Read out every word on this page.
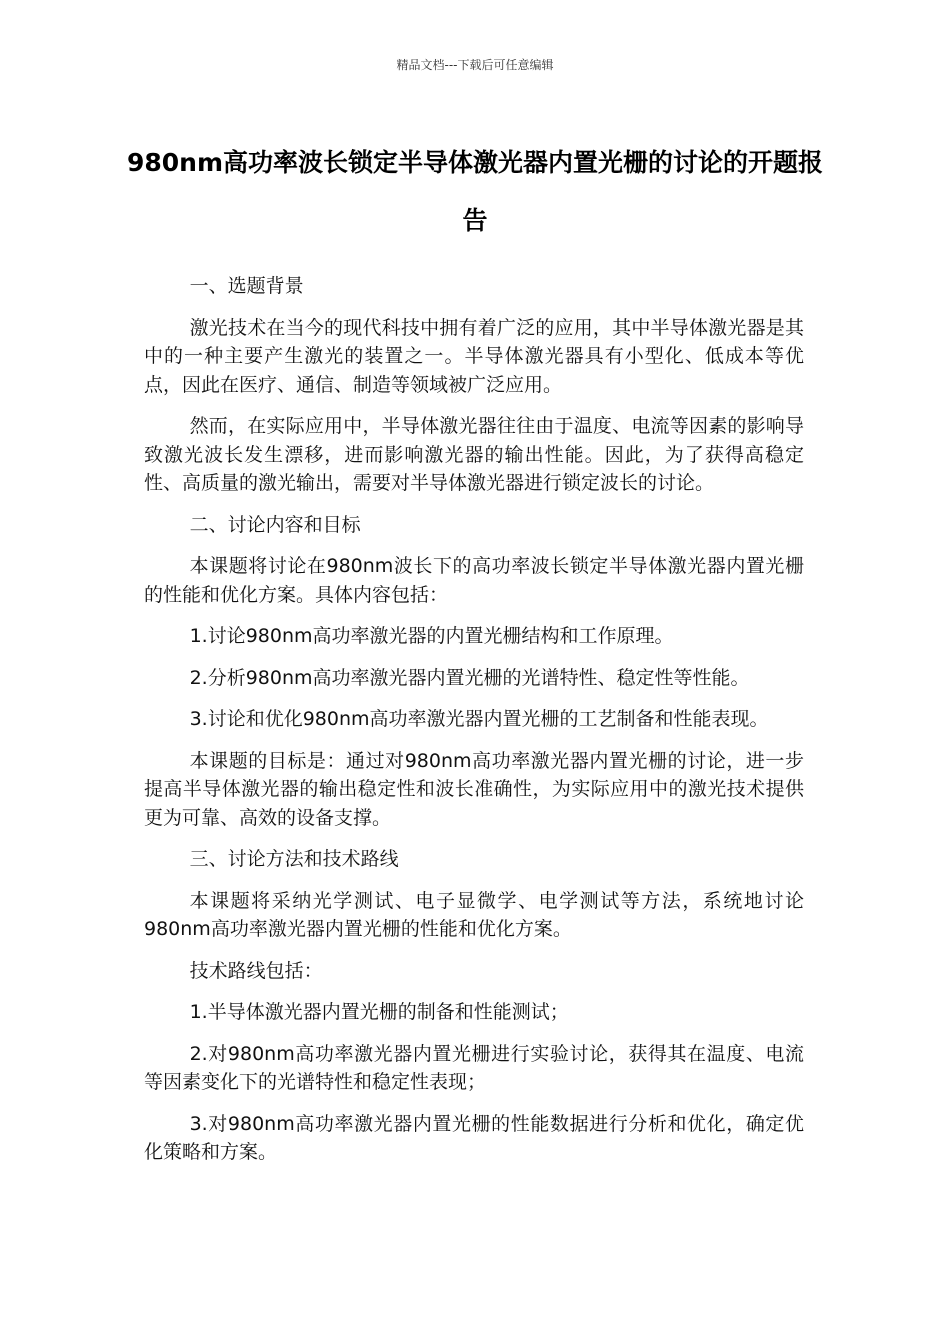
精品文档---下载后可任意编辑
980nm高功率波长锁定半导体激光器内置光栅的讨论的开题报告

一、选题背景

激光技术在当今的现代科技中拥有着广泛的应用，其中半导体激光器是其中的一种主要产生激光的装置之一。半导体激光器具有小型化、低成本等优点，因此在医疗、通信、制造等领域被广泛应用。

然而，在实际应用中，半导体激光器往往由于温度、电流等因素的影响导致激光波长发生漂移，进而影响激光器的输出性能。因此，为了获得高稳定性、高质量的激光输出，需要对半导体激光器进行锁定波长的讨论。

二、讨论内容和目标

本课题将讨论在980nm波长下的高功率波长锁定半导体激光器内置光栅的性能和优化方案。具体内容包括：

1.讨论980nm高功率激光器的内置光栅结构和工作原理。

2.分析980nm高功率激光器内置光栅的光谱特性、稳定性等性能。

3.讨论和优化980nm高功率激光器内置光栅的工艺制备和性能表现。

本课题的目标是：通过对980nm高功率激光器内置光栅的讨论，进一步提高半导体激光器的输出稳定性和波长准确性，为实际应用中的激光技术提供更为可靠、高效的设备支撑。

三、讨论方法和技术路线

本课题将采纳光学测试、电子显微学、电学测试等方法，系统地讨论980nm高功率激光器内置光栅的性能和优化方案。

技术路线包括：

1.半导体激光器内置光栅的制备和性能测试；

2.对980nm高功率激光器内置光栅进行实验讨论，获得其在温度、电流等因素变化下的光谱特性和稳定性表现；

3.对980nm高功率激光器内置光栅的性能数据进行分析和优化，确定优化策略和方案。
